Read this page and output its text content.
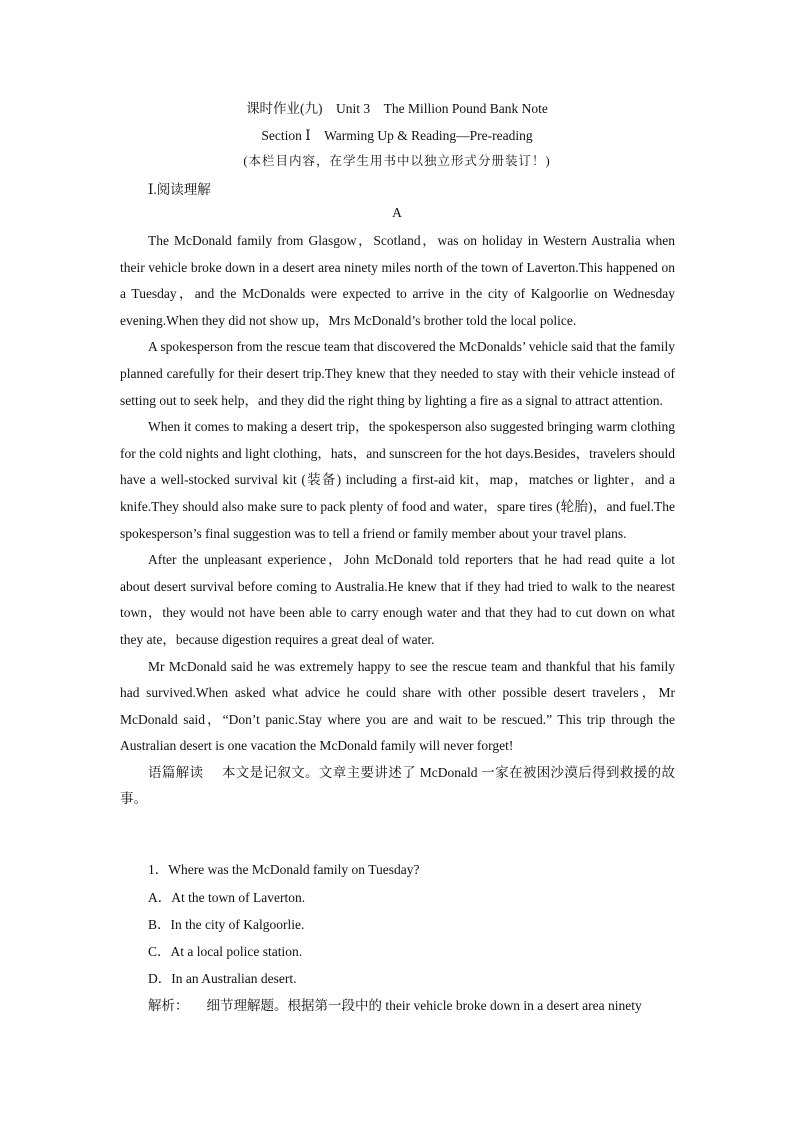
课时作业(九)　Unit 3　The Million Pound Bank Note
Section Ⅰ　Warming Up & Reading—Pre-reading
(本栏目内容，在学生用书中以独立形式分册装订！)
Ⅰ.阅读理解
A

The McDonald family from Glasgow，Scotland，was on holiday in Western Australia when their vehicle broke down in a desert area ninety miles north of the town of Laverton.This happened on a Tuesday，and the McDonalds were expected to arrive in the city of Kalgoorlie on Wednesday evening.When they did not show up，Mrs McDonald’s brother told the local police.

A spokesperson from the rescue team that discovered the McDonalds’ vehicle said that the family planned carefully for their desert trip.They knew that they needed to stay with their vehicle instead of setting out to seek help，and they did the right thing by lighting a fire as a signal to attract attention.

When it comes to making a desert trip，the spokesperson also suggested bringing warm clothing for the cold nights and light clothing，hats，and sunscreen for the hot days.Besides，travelers should have a well-stocked survival kit (装备) including a first-aid kit，map，matches or lighter，and a knife.They should also make sure to pack plenty of food and water，spare tires (轮胎)，and fuel.The spokesperson’s final suggestion was to tell a friend or family member about your travel plans.

After the unpleasant experience，John McDonald told reporters that he had read quite a lot about desert survival before coming to Australia.He knew that if they had tried to walk to the nearest town，they would not have been able to carry enough water and that they had to cut down on what they ate，because digestion requires a great deal of water.

Mr McDonald said he was extremely happy to see the rescue team and thankful that his family had survived.When asked what advice he could share with other possible desert travelers，Mr McDonald said，“Don’t panic.Stay where you are and wait to be rescued.” This trip through the Australian desert is one vacation the McDonald family will never forget!

语篇解读 本文是记叙文。文章主要讲述了 McDonald 一家在被困沙漠后得到救援的故事。

1．Where was the McDonald family on Tuesday?
A．At the town of Laverton.
B．In the city of Kalgoorlie.
C．At a local police station.
D．In an Australian desert.
解析： 细节理解题。根据第一段中的 their vehicle broke down in a desert area ninety
